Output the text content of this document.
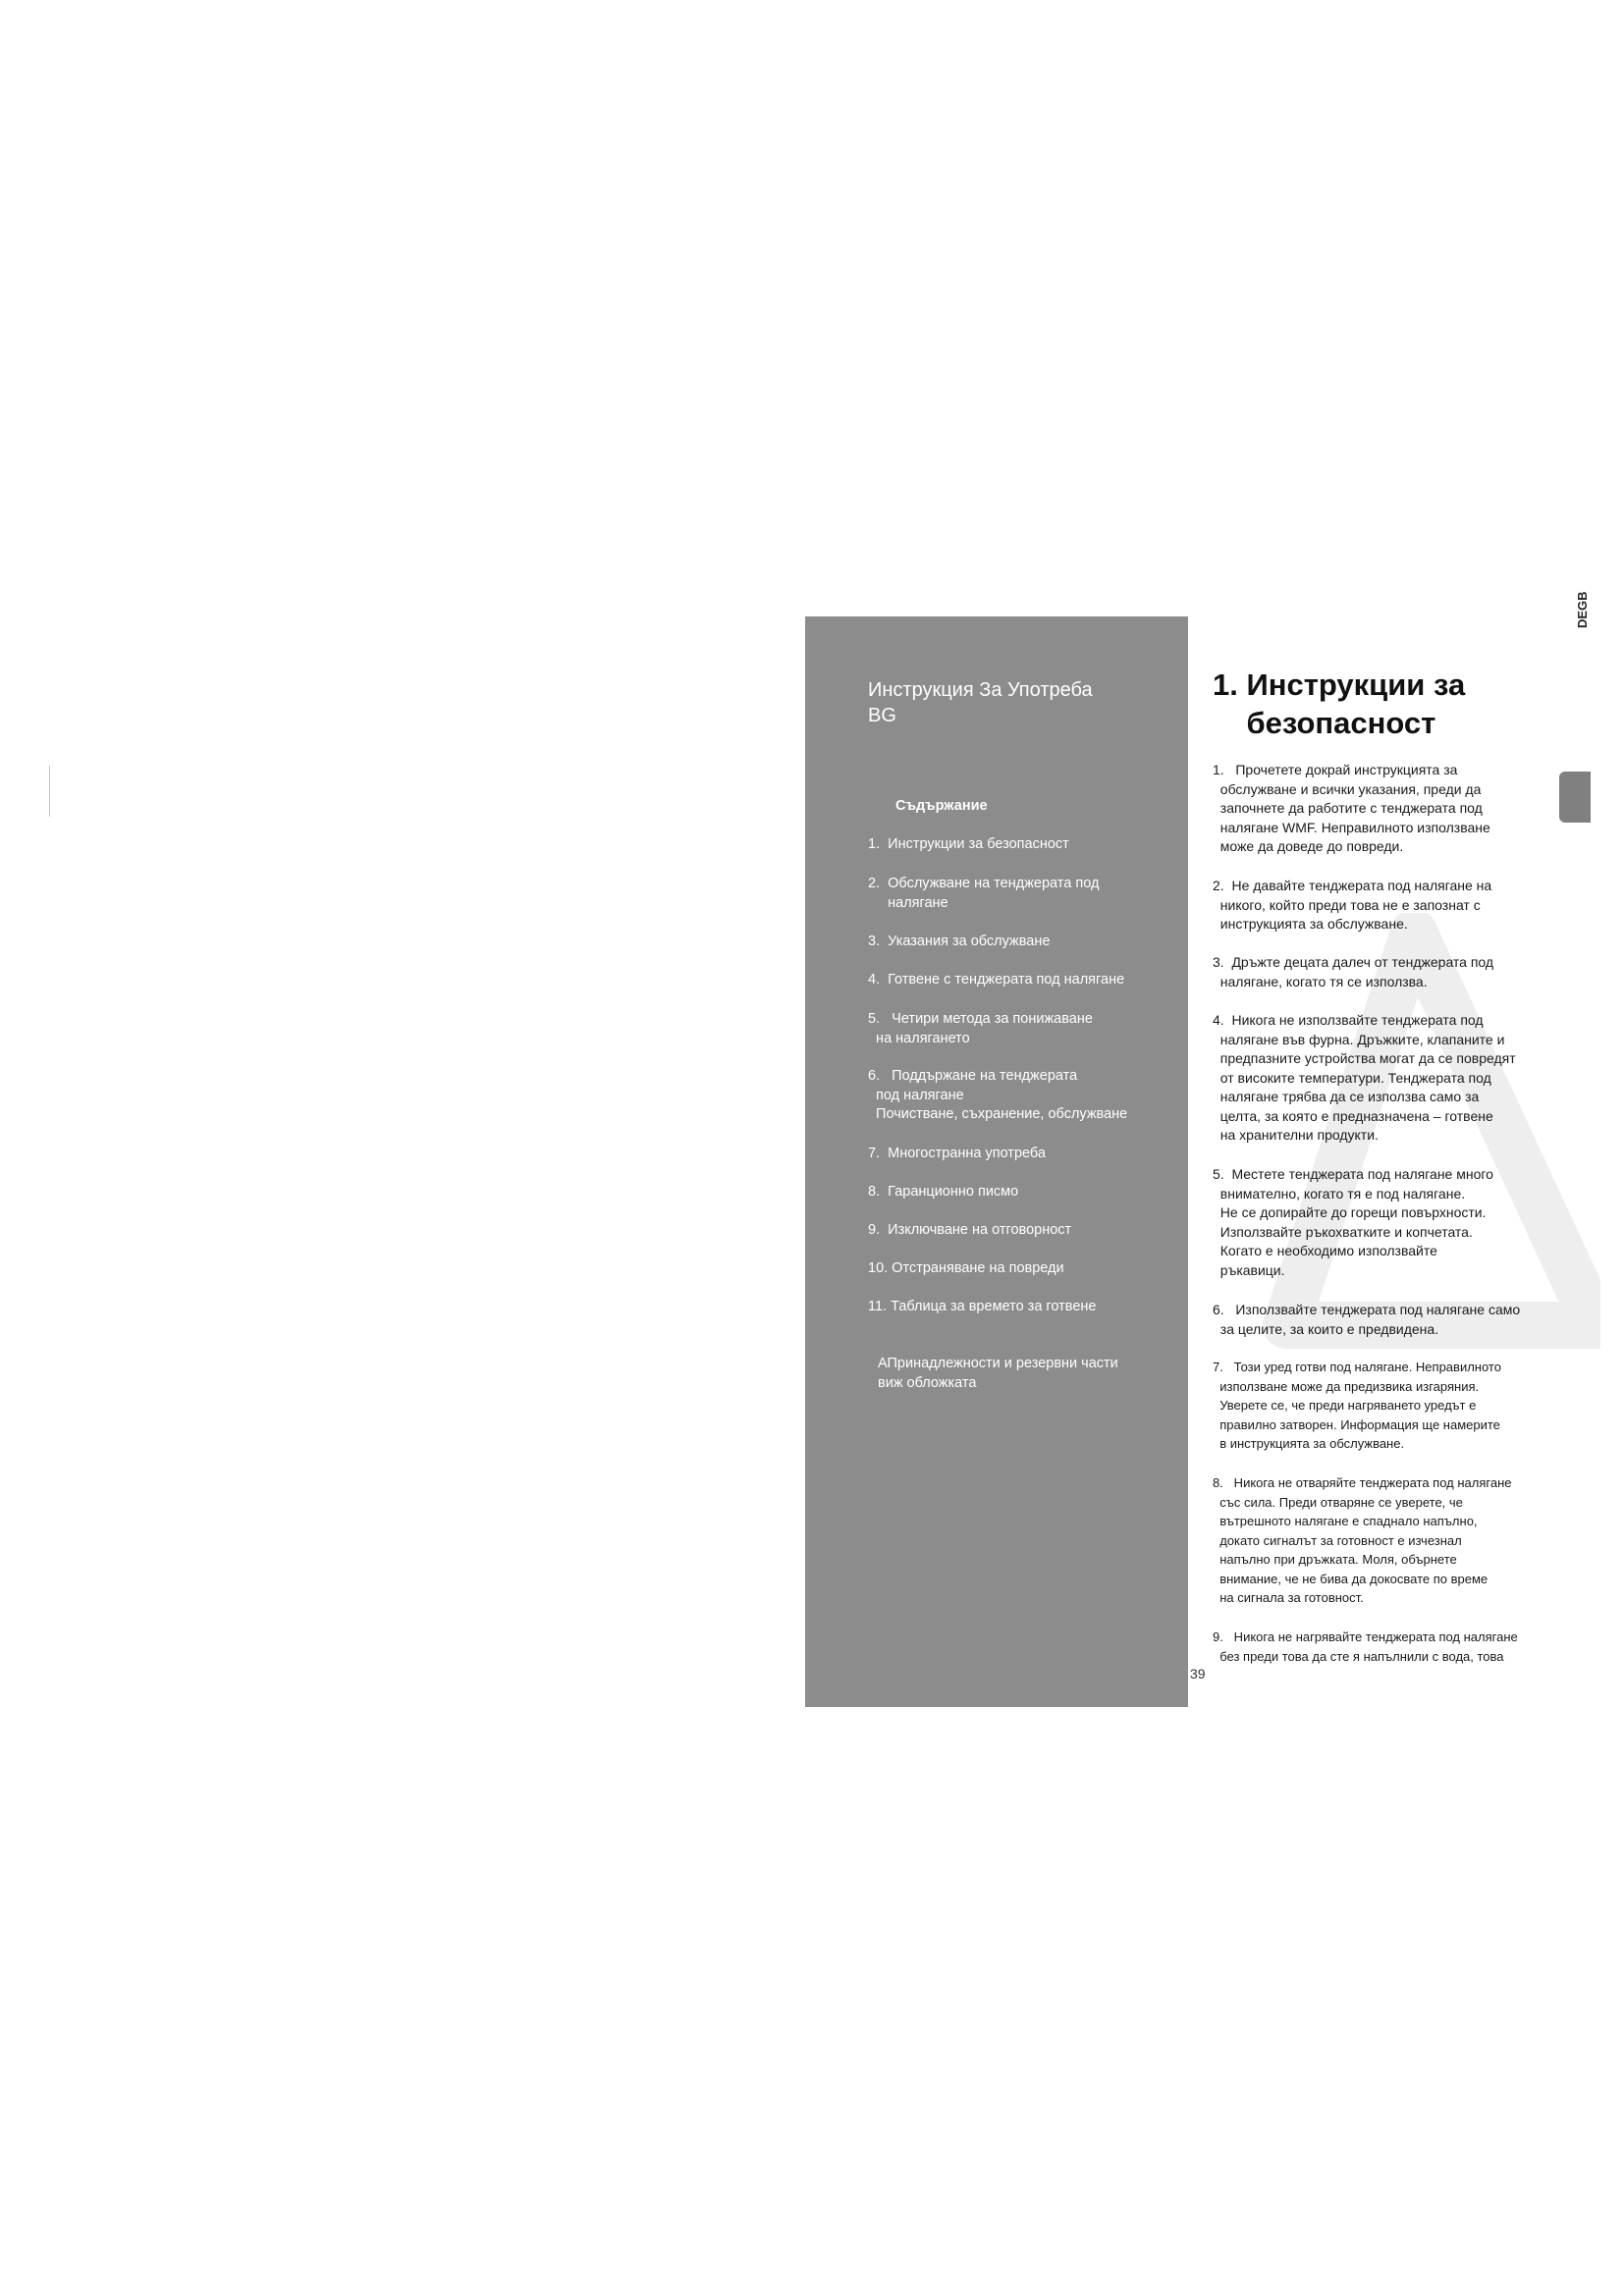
Инструкция За Употреба
BG
Съдържание
1.  Инструкции за безопасност
2.  Обслужване на тенджерата под
налягане
3.  Указания за обслужване
4.  Готвене с тенджерата под налягане
5.   Четири метода за понижаване
на налягането
6.   Поддържане на тенджерата
под налягане
Почистване, съхранение, обслужване
7.  Многостранна употреба
8.  Гаранционно писмо
9.  Изключване на отговорност
10. Отстраняване на повреди
11. Таблица за времето за готвене
АПринадлежности и резервни части
виж обложката
39
DEGB
1. Инструкции за
безопасност
1.   Прочетете докрай инструкцията за
обслужване и всички указания, преди да
започнете да работите с тенджерата под
налягане WMF. Неправилното използване
може да доведе до повреди.
2.  Не давайте тенджерата под налягане на
никого, който преди това не е запознат с
инструкцията за обслужване.
3.  Дръжте децата далеч от тенджерата под
налягане, когато тя се използва.
4.  Никога не използвайте тенджерата под
налягане във фурна. Дръжките, клапаните и
предпазните устройства могат да се повредят
от високите температури. Тенджерата под
налягане трябва да се използва само за
целта, за която е предназначена – готвене
на хранителни продукти.
5.  Местете тенджерата под налягане много
внимателно, когато тя е под налягане.
Не се допирайте до горещи повърхности.
Използвайте ръкохватките и копчетата.
Когато е необходимо използвайте
ръкавици.
6.   Използвайте тенджерата под налягане само
за целите, за които е предвидена.
7.   Този уред готви под налягане. Неправилното
използване може да предизвика изгаряния.
Уверете се, че преди нагряването уредът е
правилно затворен. Информация ще намерите
в инструкцията за обслужване.
8.   Никога не отваряйте тенджерата под налягане
със сила. Преди отваряне се уверете, че
вътрешното налягане е спаднало напълно,
докато сигналът за готовност е изчезнал
напълно при дръжката. Моля, обърнете
внимание, че не бива да докосвате по време
на сигнала за готовност.
9.   Никога не нагрявайте тенджерата под налягане
без преди това да сте я напълнили с вода, това
